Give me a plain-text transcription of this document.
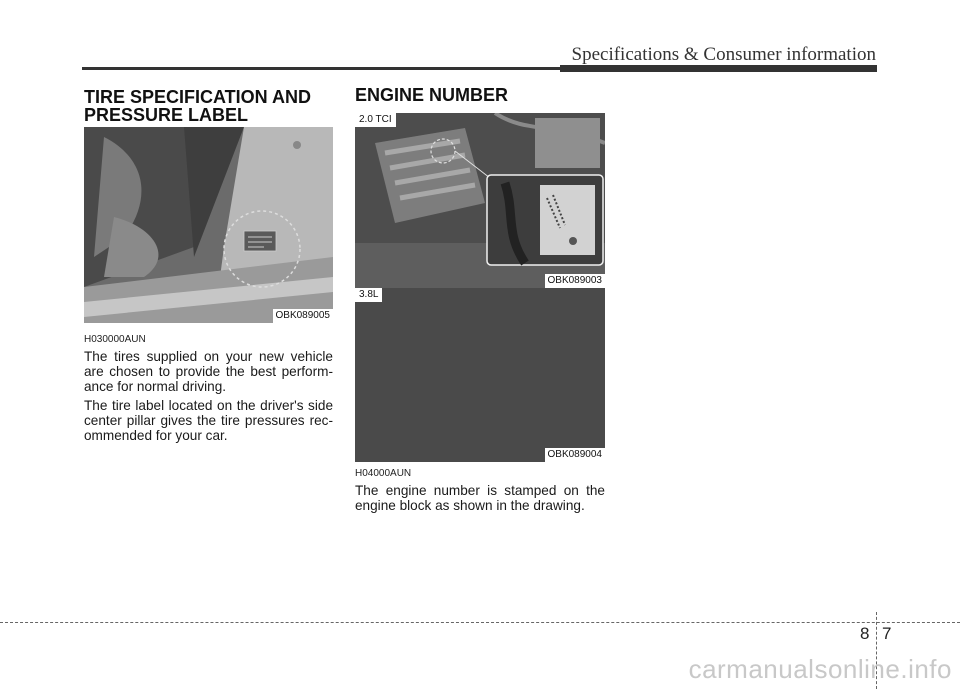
Specifications & Consumer information
TIRE SPECIFICATION AND
PRESSURE LABEL
OBK089005
H030000AUN

The tires supplied on your new vehicle are chosen to provide the best perform-ance for normal driving.

The tire label located on the driver's side center pillar gives the tire pressures rec-ommended for your car.

ENGINE NUMBER
2.0 TCI
OBK089003
3.8L
OBK089004
H04000AUN

The engine number is stamped on the engine block as shown in the drawing.

8 7
carmanualsonline.info
